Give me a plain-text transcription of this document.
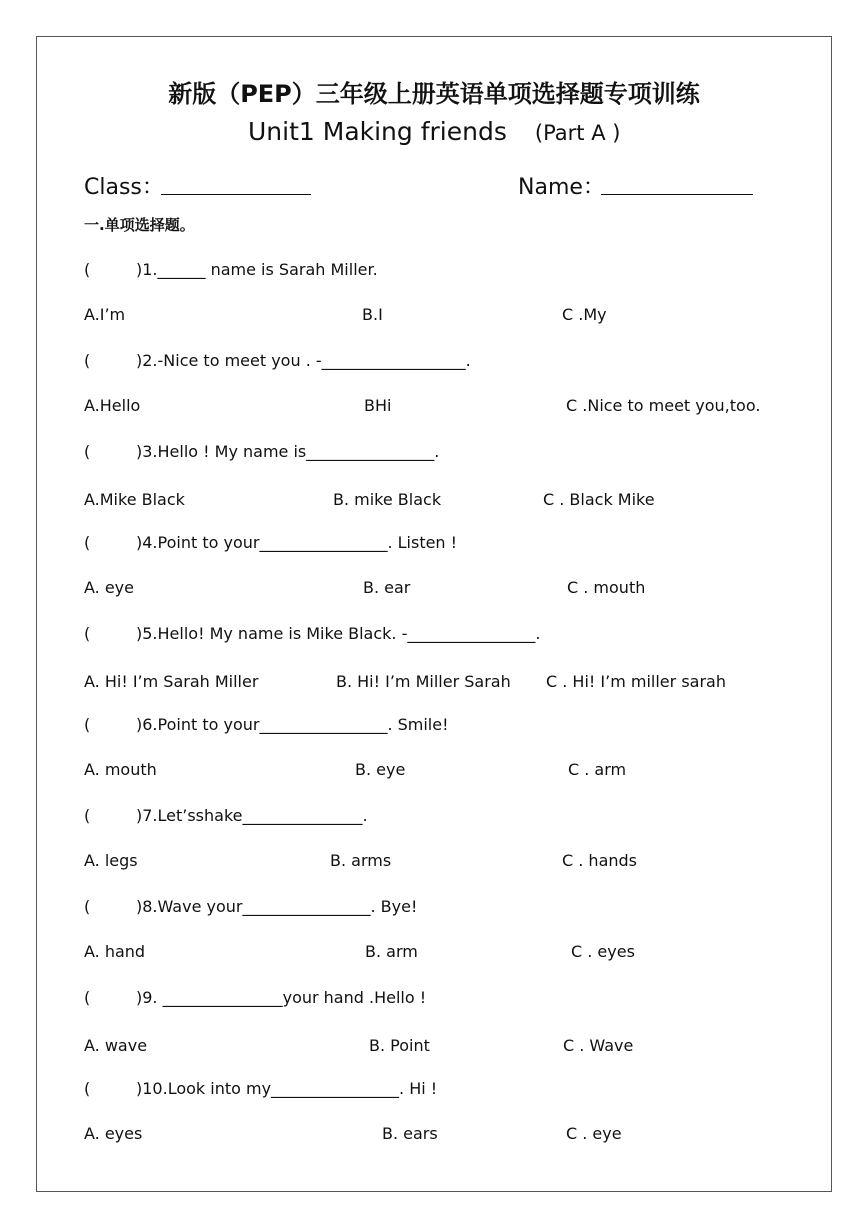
新版（PEP）三年级上册英语单项选择题专项训练
Unit1 Making friends (Part A )
Class：	Name：
一.单项选择题。
(	)1.______ name is Sarah Miller.
A.I’m	B.I	C .My
(	)2.-Nice to meet you . -__________________.
A.Hello	BHi	C .Nice to meet you,too.
(	)3.Hello ! My name is________________.
A.Mike Black	B. mike Black	C . Black Mike
(	)4.Point to your________________. Listen !
A. eye	B. ear	C . mouth
(	)5.Hello! My name is Mike Black. -________________.
A. Hi! I’m Sarah Miller	B. Hi! I’m Miller Sarah C . Hi! I’m miller sarah
(	)6.Point to your________________. Smile!
A. mouth	B. eye	C . arm
(	)7.Let’sshake_______________.
A. legs	B. arms	C . hands
(	)8.Wave your________________. Bye!
A. hand	B. arm	C . eyes
(	)9. _______________your hand .Hello !
A. wave	B. Point	C . Wave
(	)10.Look into my________________. Hi !
A. eyes	B. ears	C . eye
